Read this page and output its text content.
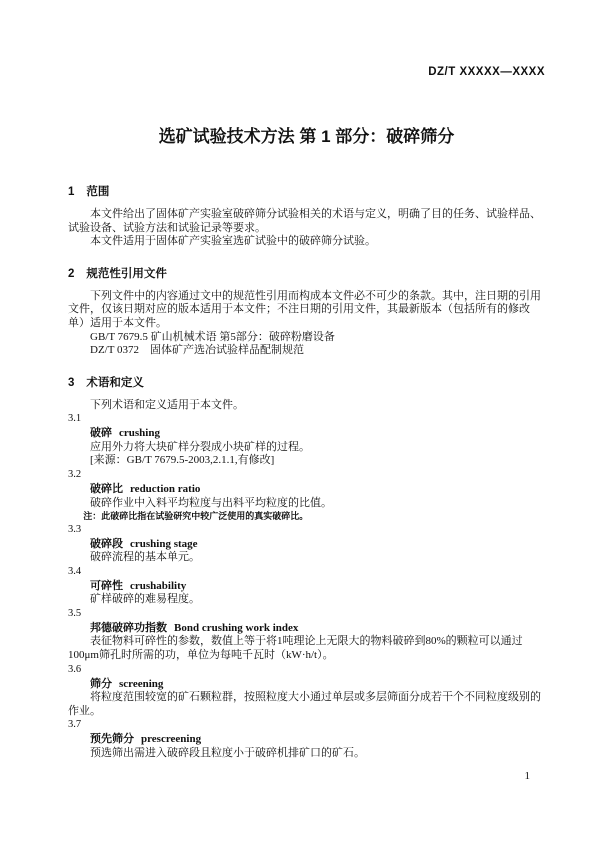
DZ/T XXXXX—XXXX
选矿试验技术方法 第 1 部分：破碎筛分
1 范围

本文件给出了固体矿产实验室破碎筛分试验相关的术语与定义，明确了目的任务、试验样品、试验设备、试验方法和试验记录等要求。

本文件适用于固体矿产实验室选矿试验中的破碎筛分试验。

2 规范性引用文件

下列文件中的内容通过文中的规范性引用而构成本文件必不可少的条款。其中，注日期的引用文件，仅该日期对应的版本适用于本文件；不注日期的引用文件，其最新版本（包括所有的修改单）适用于本文件。

GB/T 7679.5 矿山机械术语 第5部分：破碎粉磨设备
DZ/T 0372　固体矿产选冶试验样品配制规范
3 术语和定义

下列术语和定义适用于本文件。

3.1
破碎 crushing

应用外力将大块矿样分裂成小块矿样的过程。

[来源：GB/T 7679.5-2003,2.1.1,有修改]
3.2
破碎比 reduction ratio

破碎作业中入料平均粒度与出料平均粒度的比值。

注：此破碎比指在试验研究中较广泛使用的真实破碎比。
3.3
破碎段 crushing stage

破碎流程的基本单元。

3.4
可碎性 crushability

矿样破碎的难易程度。

3.5
邦德破碎功指数 Bond crushing work index

表征物料可碎性的参数，数值上等于将1吨理论上无限大的物料破碎到80%的颗粒可以通过100μm筛孔时所需的功，单位为每吨千瓦时（kW·h/t）。

3.6
筛分 screening

将粒度范围较宽的矿石颗粒群，按照粒度大小通过单层或多层筛面分成若干个不同粒度级别的作业。

3.7
预先筛分 prescreening

预选筛出需进入破碎段且粒度小于破碎机排矿口的矿石。

1
